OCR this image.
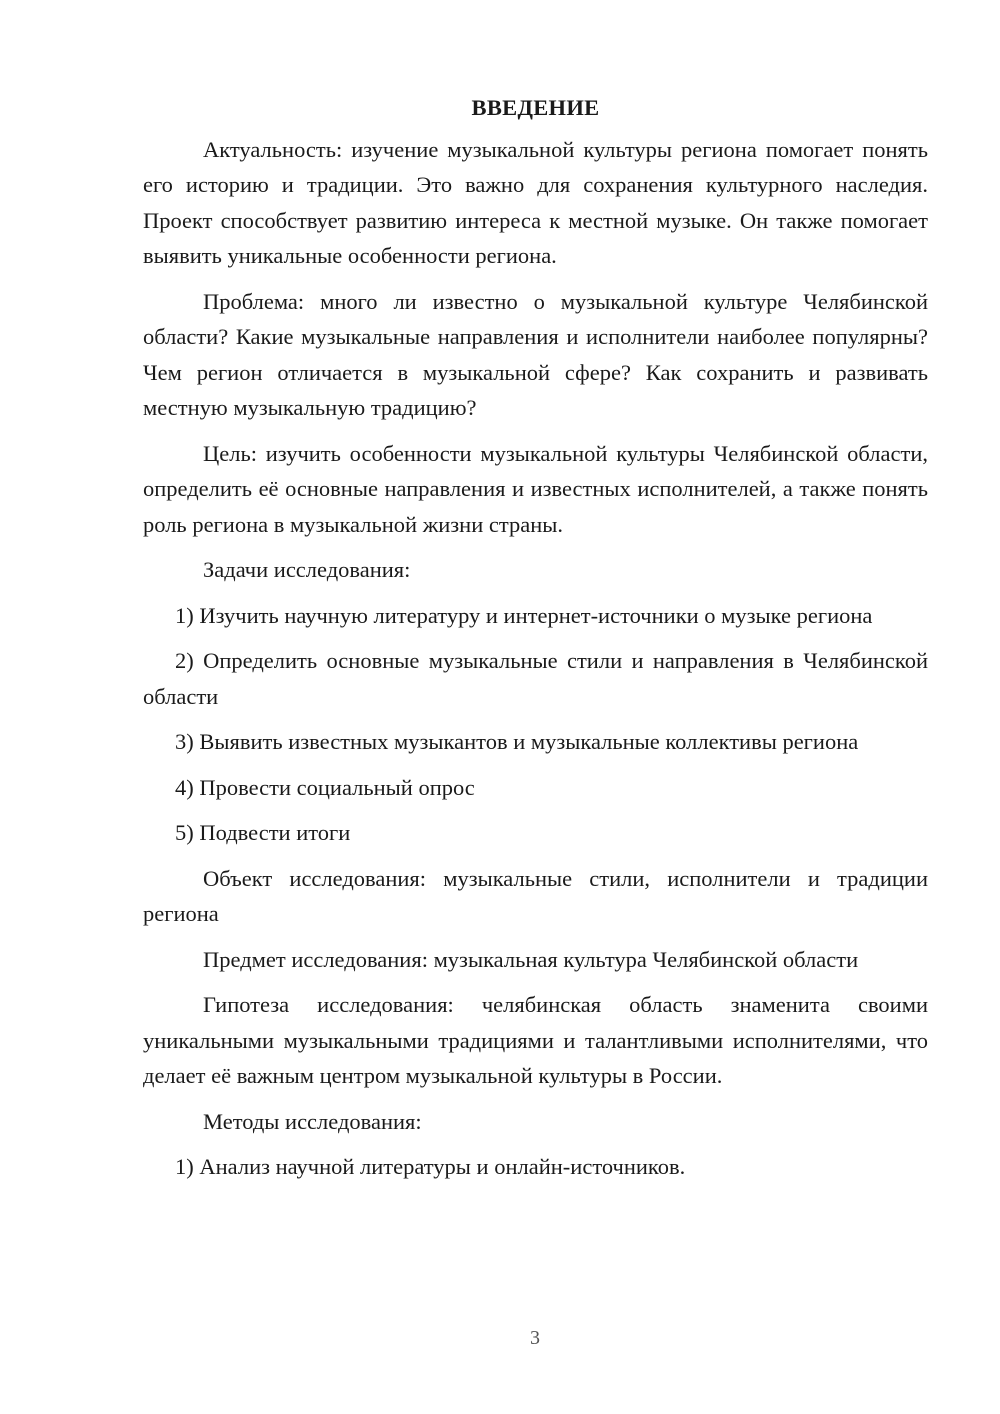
ВВЕДЕНИЕ

Актуальность: изучение музыкальной культуры региона помогает понять его историю и традиции. Это важно для сохранения культурного наследия. Проект способствует развитию интереса к местной музыке. Он также помогает выявить уникальные особенности региона.

Проблема: много ли известно о музыкальной культуре Челябинской области? Какие музыкальные направления и исполнители наиболее популярны? Чем регион отличается в музыкальной сфере? Как сохранить и развивать местную музыкальную традицию?

Цель: изучить особенности музыкальной культуры Челябинской области, определить её основные направления и известных исполнителей, а также понять роль региона в музыкальной жизни страны.

Задачи исследования:

1) Изучить научную литературу и интернет-источники о музыке региона

2) Определить основные музыкальные стили и направления в Челябинской области

3) Выявить известных музыкантов и музыкальные коллективы региона

4) Провести социальный опрос

5) Подвести итоги

Объект исследования: музыкальные стили, исполнители и традиции региона

Предмет исследования: музыкальная культура Челябинской области

Гипотеза исследования: челябинская область знаменита своими уникальными музыкальными традициями и талантливыми исполнителями, что делает её важным центром музыкальной культуры в России.

Методы исследования:

1) Анализ научной литературы и онлайн-источников.

3
